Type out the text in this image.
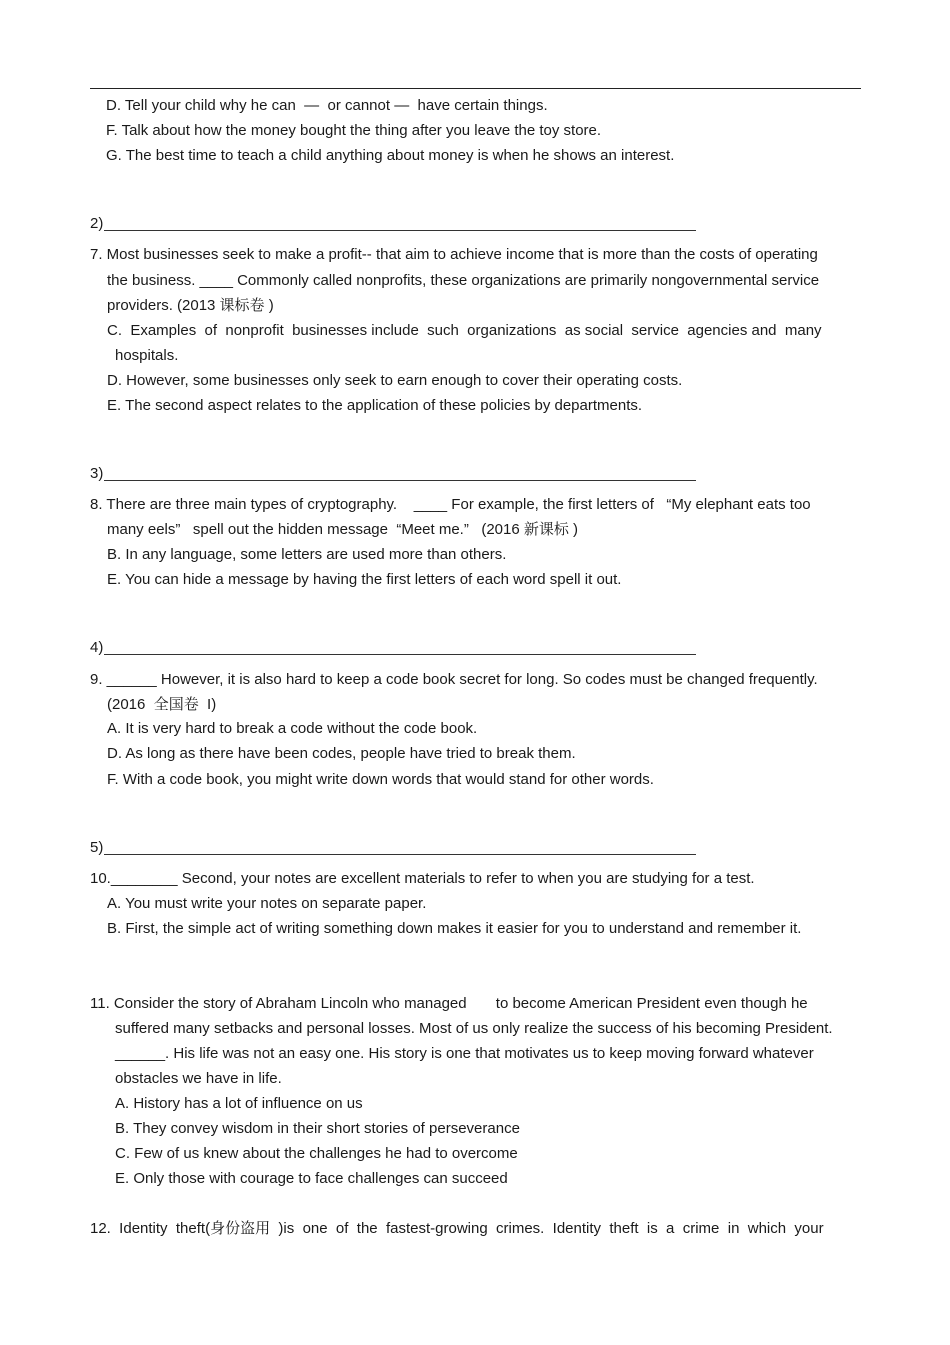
D. Tell your child why he can  —  or cannot —  have certain things.
F. Talk about how the money bought the thing after you leave the toy store.
G. The best time to teach a child anything about money is when he shows an interest.
2)
7. Most businesses seek to make a profit-- that aim to achieve income that is more than the costs of operating
the business. ____ Commonly called nonprofits, these organizations are primarily nongovernmental service
providers. (2013 课标卷 )
C.  Examples  of  nonprofit  businesses include  such  organizations  as social  service  agencies and  many
hospitals.
D. However, some businesses only seek to earn enough to cover their operating costs.
E. The second aspect relates to the application of these policies by departments.
3)
8. There are three main types of cryptography.    ____ For example, the first letters of   “My elephant eats too
many eels”   spell out the hidden message  “Meet me.”   (2016 新课标 )
B. In any language, some letters are used more than others.
E. You can hide a message by having the first letters of each word spell it out.
4)
9. ______ However, it is also hard to keep a code book secret for long. So codes must be changed frequently.
(2016  全国卷  I)
A. It is very hard to break a code without the code book.
D. As long as there have been codes, people have tried to break them.
F. With a code book, you might write down words that would stand for other words.
5)
10.________ Second, your notes are excellent materials to refer to when you are studying for a test.
A. You must write your notes on separate paper.
B. First, the simple act of writing something down makes it easier for you to understand and remember it.
11. Consider the story of Abraham Lincoln who managed       to become American President even though he
suffered many setbacks and personal losses. Most of us only realize the success of his becoming President.
______. His life was not an easy one. His story is one that motivates us to keep moving forward whatever
obstacles we have in life.
A. History has a lot of influence on us
B. They convey wisdom in their short stories of perseverance
C. Few of us knew about the challenges he had to overcome
E. Only those with courage to face challenges can succeed
12.  Identity  theft(身份盗用  )is  one  of  the  fastest-growing  crimes.  Identity  theft  is  a  crime  in  which  your
